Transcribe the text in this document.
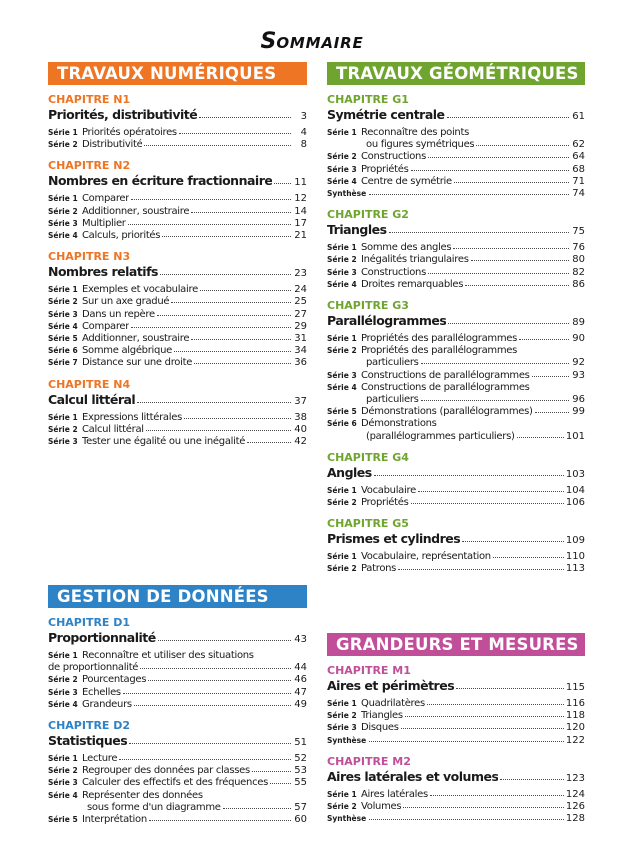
SOMMAIRE
TRAVAUX NUMÉRIQUES
CHAPITRE N1
Priorités, distributivité	3
Série 1 Priorités opératoires	4
Série 2 Distributivité	8
CHAPITRE N2
Nombres en écriture fractionnaire 11
Série 1 Comparer	12
Série 2 Additionner, soustraire	14
Série 3 Multiplier	17
Série 4 Calculs, priorités	21
CHAPITRE N3
Nombres relatifs	23
Série 1 Exemples et vocabulaire	24
Série 2 Sur un axe gradué	25
Série 3 Dans un repère	27
Série 4 Comparer	29
Série 5 Additionner, soustraire	31
Série 6 Somme algébrique	34
Série 7 Distance sur une droite	36
CHAPITRE N4
Calcul littéral	37
Série 1 Expressions littérales	38
Série 2 Calcul littéral	40
Série 3 Tester une égalité ou une inégalité	42
TRAVAUX GÉOMÉTRIQUES
CHAPITRE G1
Symétrie centrale	61
Série 1 Reconnaître des points
ou figures symétriques	62
Série 2 Constructions	64
Série 3 Propriétés	68
Série 4 Centre de symétrie	71
Synthèse	74
CHAPITRE G2
Triangles	75
Série 1 Somme des angles	76
Série 2 Inégalités triangulaires	80
Série 3 Constructions	82
Série 4 Droites remarquables	86
CHAPITRE G3
Parallélogrammes	89
Série 1 Propriétés des parallélogrammes	90
Série 2 Propriétés des parallélogrammes
particuliers	92
Série 3 Constructions de parallélogrammes	93
Série 4 Constructions de parallélogrammes
particuliers	96
Série 5 Démonstrations (parallélogrammes)	99
Série 6 Démonstrations
(parallélogrammes particuliers)	101
CHAPITRE G4
Angles	103
Série 1 Vocabulaire	104
Série 2 Propriétés	106
CHAPITRE G5
Prismes et cylindres	109
Série 1 Vocabulaire, représentation	110
Série 2 Patrons	113
GESTION DE DONNÉES
CHAPITRE D1
Proportionnalité	43
Série 1 Reconnaître et utiliser des situations
de proportionnalité	44
Série 2 Pourcentages	46
Série 3 Échelles	47
Série 4 Grandeurs	49
CHAPITRE D2
Statistiques	51
Série 1 Lecture	52
Série 2 Regrouper des données par classes	53
Série 3 Calculer des effectifs et des fréquences	55
Série 4 Représenter des données
sous forme d'un diagramme	57
Série 5 Interprétation	60
GRANDEURS ET MESURES
CHAPITRE M1
Aires et périmètres	115
Série 1 Quadrilatères	116
Série 2 Triangles	118
Série 3 Disques	120
Synthèse	122
CHAPITRE M2
Aires latérales et volumes	123
Série 1 Aires latérales	124
Série 2 Volumes	126
Synthèse	128
